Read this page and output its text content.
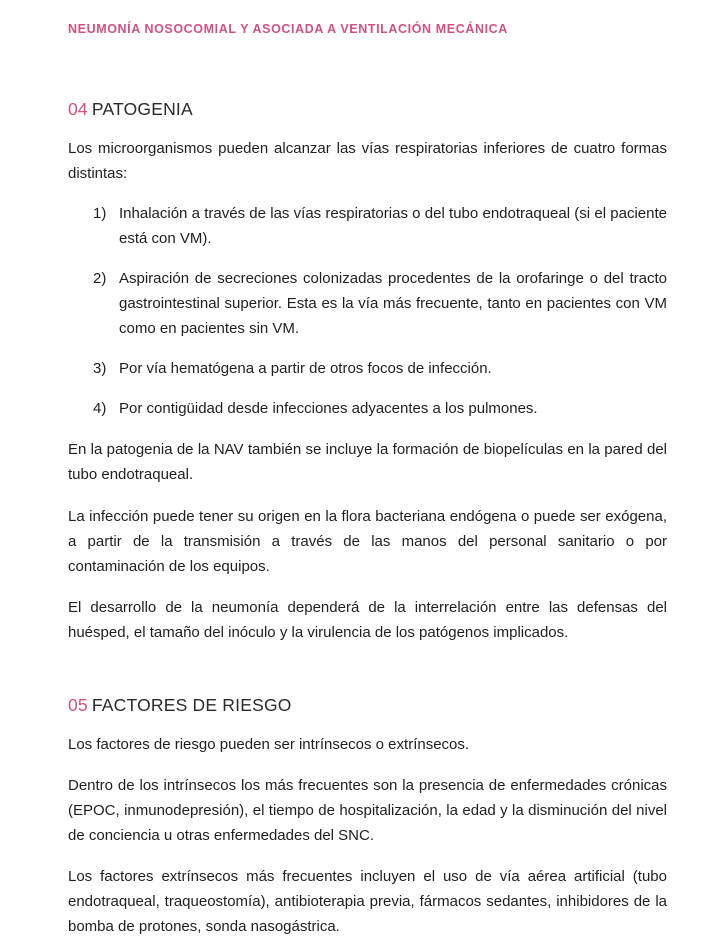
NEUMONÍA NOSOCOMIAL Y ASOCIADA A VENTILACIÓN MECÁNICA
04 PATOGENIA

Los microorganismos pueden alcanzar las vías respiratorias inferiores de cuatro formas distintas:

1) Inhalación a través de las vías respiratorias o del tubo endotraqueal (si el paciente está con VM).
2) Aspiración de secreciones colonizadas procedentes de la orofaringe o del tracto gastrointestinal superior. Esta es la vía más frecuente, tanto en pacientes con VM como en pacientes sin VM.
3) Por vía hematógena a partir de otros focos de infección.
4) Por contigüidad desde infecciones adyacentes a los pulmones.

En la patogenia de la NAV también se incluye la formación de biopelículas en la pared del tubo endotraqueal.

La infección puede tener su origen en la flora bacteriana endógena o puede ser exógena, a partir de la transmisión a través de las manos del personal sanitario o por contaminación de los equipos.

El desarrollo de la neumonía dependerá de la interrelación entre las defensas del huésped, el tamaño del inóculo y la virulencia de los patógenos implicados.

05 FACTORES DE RIESGO

Los factores de riesgo pueden ser intrínsecos o extrínsecos.

Dentro de los intrínsecos los más frecuentes son la presencia de enfermedades crónicas (EPOC, inmunodepresión), el tiempo de hospitalización, la edad y la disminución del nivel de conciencia u otras enfermedades del SNC.

Los factores extrínsecos más frecuentes incluyen el uso de vía aérea artificial (tubo endotraqueal, traqueostomía), antibioterapia previa, fármacos sedantes, inhibidores de la bomba de protones, sonda nasogástrica.
